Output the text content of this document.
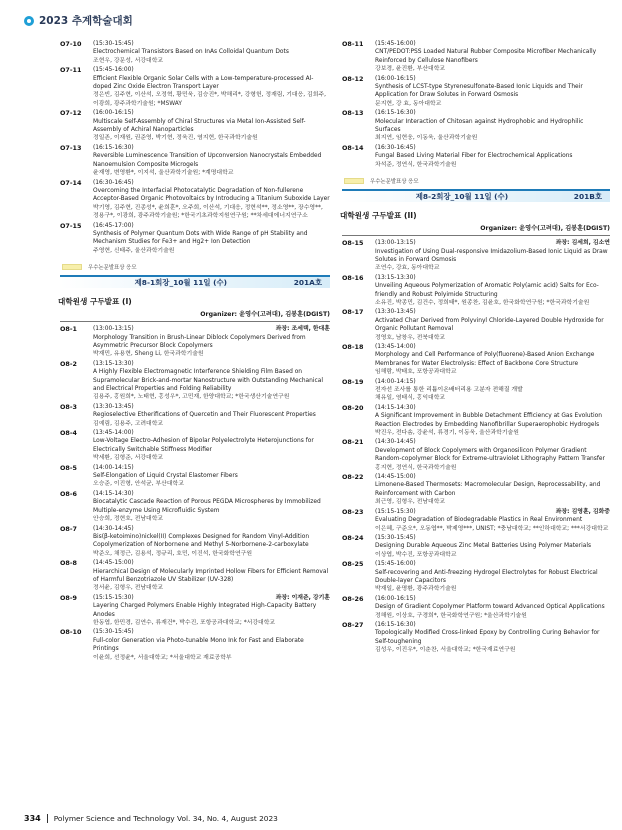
2023 추계학술대회
O7-10	(15:30-15:45)
Electrochemical Transistors Based on InAs Colloidal Quantum Dots
조현우, 강문성, 서강대학교
O7-11	(15:45-16:00)
Efficient Flexible Organic Solar Cells with a Low-temperature-processed Al-doped Zinc Oxide Electron Transport Layer
정은빈, 김주현, 이산석, 오정혁, 황민욱, 김승진*, 박해리*, 강형헌, 정재림, 기대응, 김희주, 이광희, 광주과학기술원; *MSWAY
O7-12	(16:00-16:15)
Multiscale Self-Assembly of Chiral Structures via Metal Ion-Assisted Self-Assembly of Achiral Nanoparticles
정일존, 이재원, 권준영, 박기현, 정욱진, 염지현, 한국과학기술원
O7-13	(16:15-16:30)
Reversible Luminescence Transition of Upconversion Nanocrystals Embedded Nanoemulsion Composite Microgels
윤재영, 변영환*, 이지석, 울산과학기술원; *계명대학교
O7-14	(16:30-16:45)
Overcoming the Interfacial Photocatalytic Degradation of Non-fullerene Acceptor-Based Organic Photovoltaics by Introducing a Titanium Suboxide Layer
박기영, 김주현, 진종성*, 윤희훈*, 오주희, 이산석, 기대응, 정현석**, 정소영**, 장수영**, 정용구*, 이광희, 광주과학기술원; *한국기초과학지원연구원; **차세대에너지연구소
O7-15	(16:45-17:00)
Synthesis of Polymer Quantum Dots with Wide Range of pH Stability and Mechanism Studies for Fe3+ and Hg2+ Ion Detection
주영현, 신태주, 울산과학기술원
우수논문발표상 응모
제8-1회장_10월 11일 (수)	201A호
대학원생 구두발표 (I)
Organizer: 윤영수(고려대), 김봉훈(DGIST)
O8-1	(13:00-13:15)	좌장: 조세택, 한대훈
Morphology Transition in Brush-Linear Diblock Copolymers Derived from Asymmetric Precursor Block Copolymers
박재민, 유용현, Sheng Li, 한국과학기술원
O8-2	(13:15-13:30)
A Highly Flexible Electromagnetic Interference Shielding Film Based on Supramolecular Brick-and-mortar Nanostructure with Outstanding Mechanical and Electrical Properties and Folding Reliability
김용주, 홍원희*, 노태현, 홍성우*, 고민재, 한양대학교; *한국생산기술연구원
O8-3	(13:30-13:45)
Regioselective Etherifications of Quercetin and Their Fluorescent Properties
김예림, 김용주, 고려대학교
O8-4	(13:45-14:00)
Low-Voltage Electro-Adhesion of Bipolar Polyelectrolyte Heterojunctions for Electrically Switchable Stiffness Modifier
박세환, 김형준, 서강대학교
O8-5	(14:00-14:15)
Self-Elongation of Liquid Crystal Elastomer Fibers
오승준, 이진형, 안석균, 부산대학교
O8-6	(14:15-14:30)
Biocatalytic Cascade Reaction of Porous PEGDA Microspheres by Immobilized Multiple-enzyme Using Microfluidic System
안승희, 정현호, 전남대학교
O8-7	(14:30-14:45)
Bis(β-ketoimino)nickel(II) Complexes Designed for Random Vinyl-Addition Copolymerization of Norbornene and Methyl 5-Norbornene-2-carboxylate
박준오, 채정근, 김용석, 정규리, 호민, 이진석, 한국화학연구원
O8-8	(14:45-15:00)
Hierarchical Design of Molecularly Imprinted Hollow Fibers for Efficient Removal of Harmful Benzotriazole UV Stabilizer (UV-328)
정서윤, 김형우, 전남대학교
O8-9	(15:15-15:30)	좌장: 이재준, 강기훈
Layering Charged Polymers Enable Highly Integrated High-Capacity Battery Anodes
한동엽, 한민경, 김연수, 류재건*, 박수진, 포항공과대학교; *서강대학교
O8-10	(15:30-15:45)
Full-color Generation via Photo-tunable Mono Ink for Fast and Elaborate Printings
이윤희, 선정윤*, 서울대학교; *서울대학교 재료공학부
O8-11	(15:45-16:00)
CNT/PEDOT:PSS Loaded Natural Rubber Composite Microfiber Mechanically Reinforced by Cellulose Nanofibers
강보경, 윤진환, 부산대학교
O8-12	(16:00-16:15)
Synthesis of LCST-type Styrenesulfonate-Based Ionic Liquids and Their Application for Draw Solutes in Forward Osmosis
문지현, 강 효, 동아대학교
O8-13	(16:15-16:30)
Molecular Interaction of Chitosan against Hydrophobic and Hydrophilic Surfaces
최지연, 임현웅, 이동욱, 울산과학기술원
O8-14	(16:30-16:45)
Fungal Based Living Material Fiber for Electrochemical Applications
차석준, 정연식, 한국과학기술원
우수논문발표상 응모
제8-2회장_10월 11일 (수)	201B호
대학원생 구두발표 (II)
Organizer: 윤영수(고려대), 김봉훈(DGIST)
O8-15	(13:00-13:15)	좌장: 김세희, 김소연
Investigation of Using Dual-responsive Imidazolium-Based Ionic Liquid as Draw Solutes in Forward Osmosis
조연수, 강효, 동아대학교
O8-16	(13:15-13:30)
Unveiling Aqueous Polymerization of Aromatic Poly(amic acid) Salts for Eco-friendly and Robust Polyimide Structuring
소유진, 박종민, 김건수, 정희태*, 원종찬, 김윤호, 한국화학연구원; *한국과학기술원
O8-17	(13:30-13:45)
Activated Char Derived from Polyvinyl Chloride-Layered Double Hydroxide for Organic Pollutant Removal
정영호, 남창우, 전북대학교
O8-18	(13:45-14:00)
Morphology and Cell Performance of Poly(fluorene)-Based Anion Exchange Membranes for Water Electrolysis: Effect of Backbone Core Structure
임해람, 박태호, 포항공과대학교
O8-19	(14:00-14:15)
전자선 조사를 통한 리튬이온배터리용 고분자 전해질 개발
채유일, 염태식, 홍익대학교
O8-20	(14:15-14:30)
A Significant Improvement in Bubble Detachment Efficiency at Gas Evolution Reaction Electrodes by Embedding Nanofibrillar Superaerophobic Hydrogels
박진우, 전다솜, 강윤석, 류경기, 이동욱, 울산과학기술원
O8-21	(14:30-14:45)
Development of Block Copolymers with Organosilicon Polymer Gradient Random-copolymer Block for Extreme-ultraviolet Lithography Pattern Transfer
홍지현, 정연식, 한국과학기술원
O8-22	(14:45-15:00)
Limonene-Based Thermosets: Macromolecular Design, Reprocessability, and Reinforcement with Carbon
최근영, 김형우, 전남대학교
O8-23	(15:15-15:30)	좌장: 김영훈, 김화중
Evaluating Degradation of Biodegradable Plastics in Real Environment
이은혜, 구준오*, 오동엽**, 박제영***, UNIST; *충남대학교; **인하대학교; ***서강대학교
O8-24	(15:30-15:45)
Designing Durable Aqueous Zinc Metal Batteries Using Polymer Materials
이상엽, 박수진, 포항공과대학교
O8-25	(15:45-16:00)
Self-recovering and Anti-freezing Hydrogel Electrolytes for Robust Electrical Double-layer Capacitors
박재일, 윤명환, 광주과학기술원
O8-26	(16:00-16:15)
Design of Gradient Copolymer Platform toward Advanced Optical Applications
정해원, 이상호, 구경희*, 한국화학연구원; *울산과학기술원
O8-27	(16:15-16:30)
Topologically Modified Cross-linked Epoxy by Controlling Curing Behavior for Self-toughening
김성우, 이진우*, 이춘찬, 서울대학교; *한국재료연구원
334 Polymer Science and Technology Vol. 34, No. 4, August 2023
